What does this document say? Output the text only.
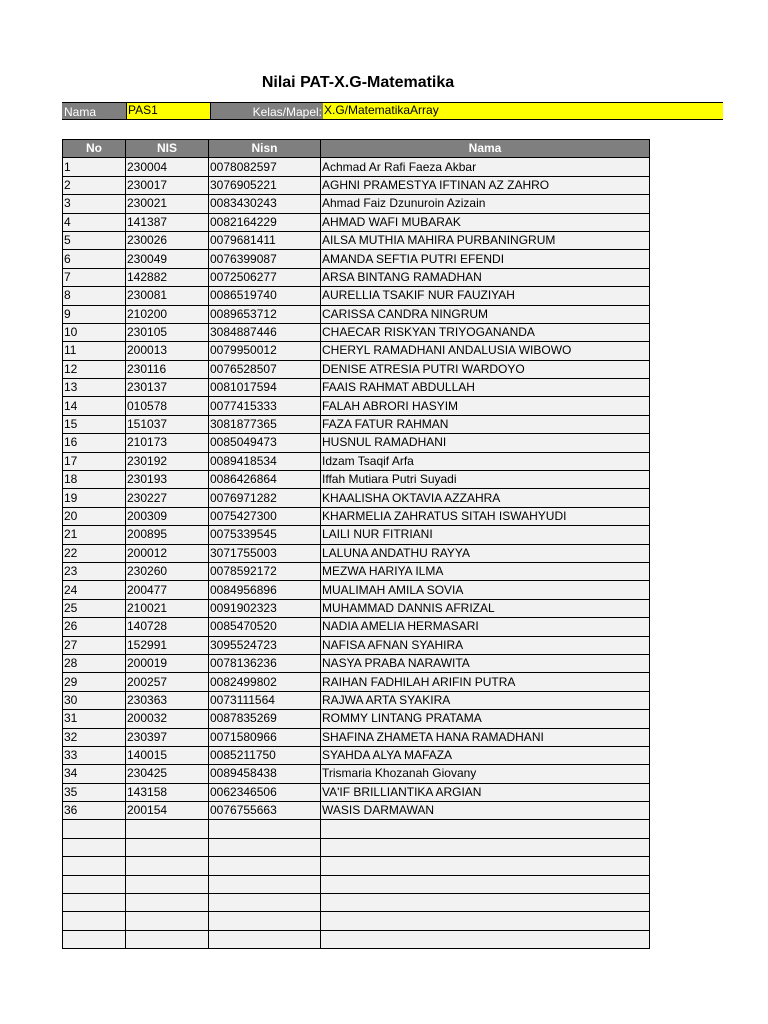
Nilai PAT-X.G-Matematika
Nama	PAS1	Kelas/Mapel: X.G/MatematikaArray
No	NIS	Nisn	Nama
1	230004	0078082597	Achmad Ar Rafi Faeza Akbar
2	230017	3076905221	AGHNI PRAMESTYA IFTINAN AZ ZAHRO
3	230021	0083430243	Ahmad Faiz Dzunuroin Azizain
4	141387	0082164229	AHMAD WAFI MUBARAK
5	230026	0079681411	AILSA MUTHIA MAHIRA PURBANINGRUM
6	230049	0076399087	AMANDA SEFTIA PUTRI EFENDI
7	142882	0072506277	ARSA BINTANG RAMADHAN
8	230081	0086519740	AURELLIA TSAKIF NUR FAUZIYAH
9	210200	0089653712	CARISSA CANDRA NINGRUM
10	230105	3084887446	CHAECAR RISKYAN TRIYOGANANDA
11	200013	0079950012	CHERYL RAMADHANI ANDALUSIA WIBOWO
12	230116	0076528507	DENISE ATRESIA PUTRI WARDOYO
13	230137	0081017594	FAAIS RAHMAT ABDULLAH
14	010578	0077415333	FALAH ABRORI HASYIM
15	151037	3081877365	FAZA FATUR RAHMAN
16	210173	0085049473	HUSNUL RAMADHANI
17	230192	0089418534	Idzam Tsaqif Arfa
18	230193	0086426864	Iffah Mutiara Putri Suyadi
19	230227	0076971282	KHAALISHA OKTAVIA AZZAHRA
20	200309	0075427300	KHARMELIA ZAHRATUS SITAH ISWAHYUDI
21	200895	0075339545	LAILI NUR FITRIANI
22	200012	3071755003	LALUNA ANDATHU RAYYA
23	230260	0078592172	MEZWA HARIYA ILMA
24	200477	0084956896	MUALIMAH AMILA SOVIA
25	210021	0091902323	MUHAMMAD DANNIS AFRIZAL
26	140728	0085470520	NADIA AMELIA HERMASARI
27	152991	3095524723	NAFISA AFNAN SYAHIRA
28	200019	0078136236	NASYA PRABA NARAWITA
29	200257	0082499802	RAIHAN FADHILAH ARIFIN PUTRA
30	230363	0073111564	RAJWA ARTA SYAKIRA
31	200032	0087835269	ROMMY LINTANG PRATAMA
32	230397	0071580966	SHAFINA ZHAMETA HANA RAMADHANI
33	140015	0085211750	SYAHDA ALYA MAFAZA
34	230425	0089458438	Trismaria Khozanah Giovany
35	143158	0062346506	VA'IF BRILLIANTIKA ARGIAN
36	200154	0076755663	WASIS DARMAWAN
